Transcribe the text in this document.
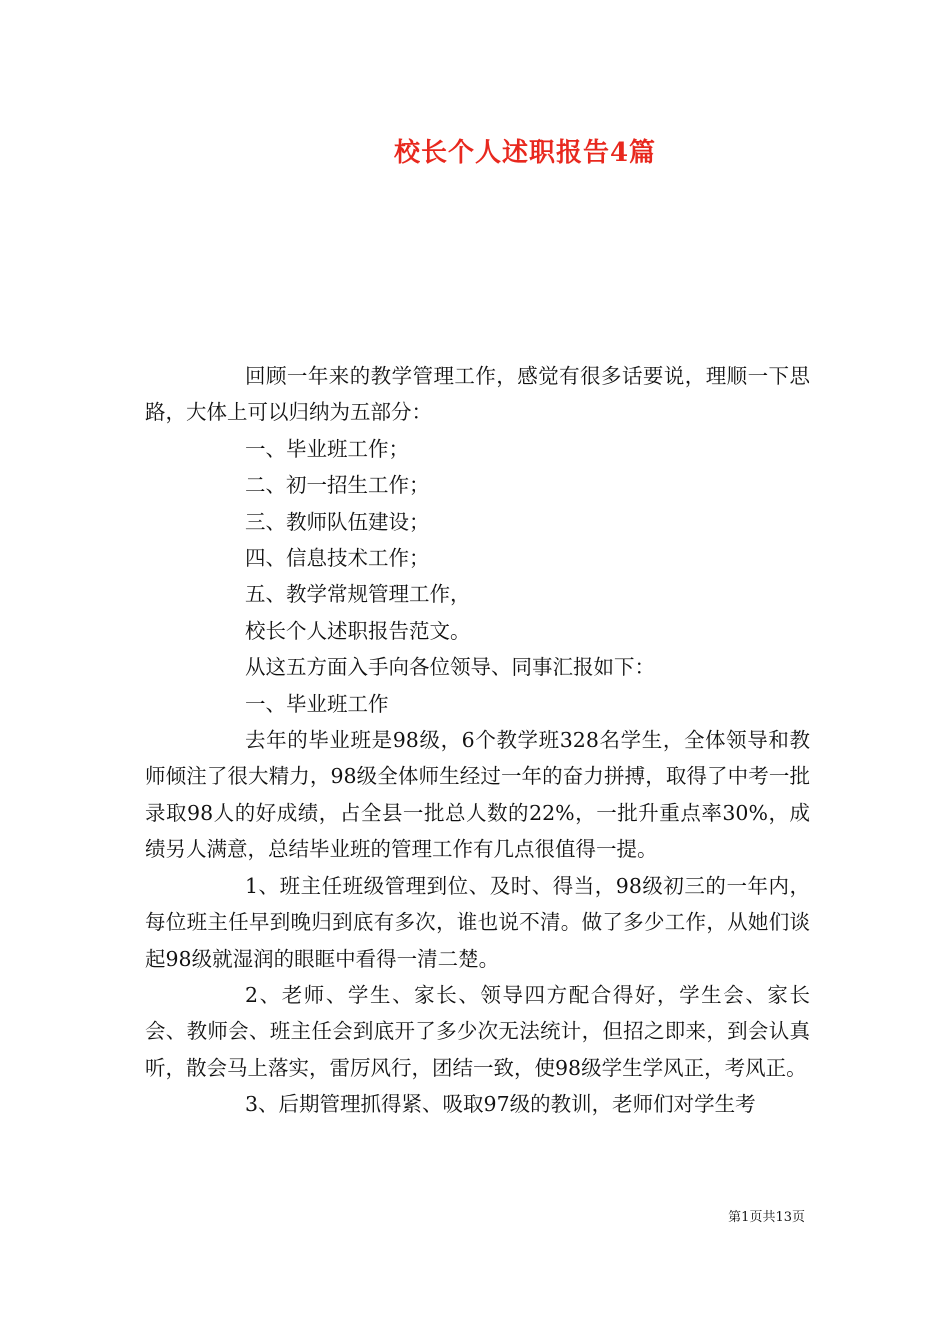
校长个人述职报告4篇

回顾一年来的教学管理工作，感觉有很多话要说，理顺一下思路，大体上可以归纳为五部分：

一、毕业班工作；

二、初一招生工作；

三、教师队伍建设；

四、信息技术工作；

五、教学常规管理工作，

校长个人述职报告范文。

从这五方面入手向各位领导、同事汇报如下：

一、毕业班工作

去年的毕业班是98级，6个教学班328名学生，全体领导和教师倾注了很大精力，98级全体师生经过一年的奋力拼搏，取得了中考一批录取98人的好成绩，占全县一批总人数的22%，一批升重点率30%，成绩另人满意，总结毕业班的管理工作有几点很值得一提。

1、班主任班级管理到位、及时、得当，98级初三的一年内，每位班主任早到晚归到底有多次，谁也说不清。做了多少工作，从她们谈起98级就湿润的眼眶中看得一清二楚。

2、老师、学生、家长、领导四方配合得好，学生会、家长会、教师会、班主任会到底开了多少次无法统计，但招之即来，到会认真听，散会马上落实，雷厉风行，团结一致，使98级学生学风正，考风正。

3、后期管理抓得紧、吸取97级的教训，老师们对学生考

第1页共13页
